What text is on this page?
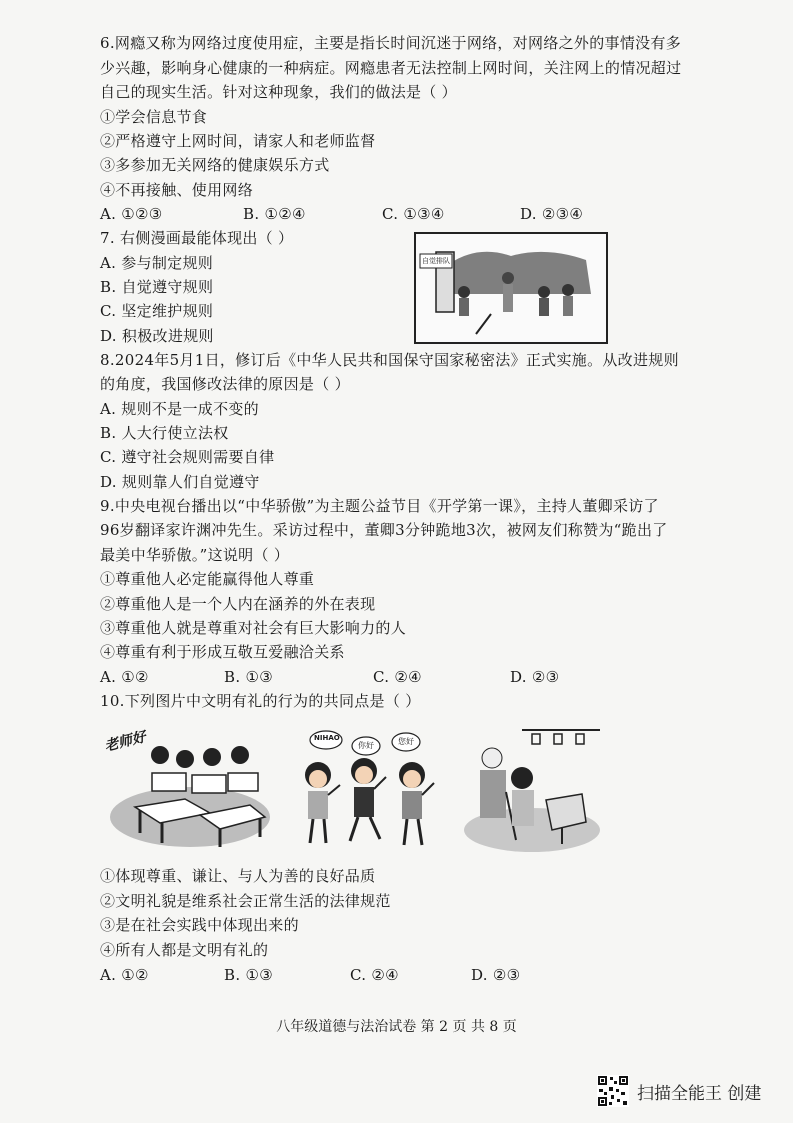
6.网瘾又称为网络过度使用症，主要是指长时间沉迷于网络，对网络之外的事情没有多
少兴趣，影响身心健康的一种病症。网瘾患者无法控制上网时间，关注网上的情况超过
自己的现实生活。针对这种现象，我们的做法是（ ）
①学会信息节食
②严格遵守上网时间，请家人和老师监督
③多参加无关网络的健康娱乐方式
④不再接触、使用网络
A. ①②③	B. ①②④	C. ①③④	D. ②③④
7. 右侧漫画最能体现出（ ）
A. 参与制定规则
B. 自觉遵守规则
C. 坚定维护规则
D. 积极改进规则
自觉排队
8.2024年5月1日，修订后《中华人民共和国保守国家秘密法》正式实施。从改进规则
的角度，我国修改法律的原因是（ ）
A. 规则不是一成不变的
B. 人大行使立法权
C. 遵守社会规则需要自律
D. 规则靠人们自觉遵守
9.中央电视台播出以“中华骄傲”为主题公益节目《开学第一课》，主持人董卿采访了
96岁翻译家许渊冲先生。采访过程中，董卿3分钟跪地3次，被网友们称赞为“跪出了
最美中华骄傲。”这说明（ ）
①尊重他人必定能赢得他人尊重
②尊重他人是一个人内在涵养的外在表现
③尊重他人就是尊重对社会有巨大影响力的人
④尊重有利于形成互敬互爱融洽关系
A. ①②	B. ①③	C. ②④	D. ②③
10.下列图片中文明有礼的行为的共同点是（ ）
老师好	NIHAO
你好	您好
①体现尊重、谦让、与人为善的良好品质
②文明礼貌是维系社会正常生活的法律规范
③是在社会实践中体现出来的
④所有人都是文明有礼的
A. ①②	B. ①③	C. ②④	D. ②③
八年级道德与法治试卷 第 2 页 共 8 页
扫描全能王 创建
